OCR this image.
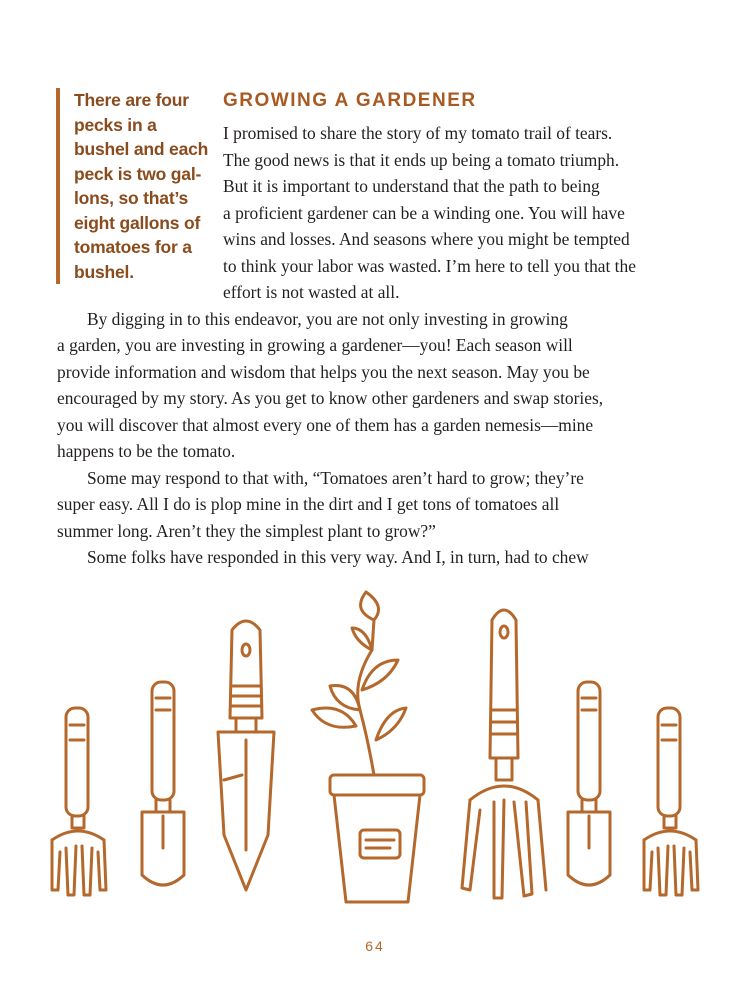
There are four
pecks in a
bushel and each
peck is two gal-
lons, so that’s
eight gallons of
tomatoes for a
bushel.
GROWING A GARDENER
I promised to share the story of my tomato trail of tears.
The good news is that it ends up being a tomato triumph.
But it is important to understand that the path to being
a proficient gardener can be a winding one. You will have
wins and losses. And seasons where you might be tempted
to think your labor was wasted. I’m here to tell you that the
effort is not wasted at all.
By digging in to this endeavor, you are not only investing in growing
a garden, you are investing in growing a gardener—you! Each season will
provide information and wisdom that helps you the next season. May you be
encouraged by my story. As you get to know other gardeners and swap stories,
you will discover that almost every one of them has a garden nemesis—mine
happens to be the tomato.
Some may respond to that with, “Tomatoes aren’t hard to grow; they’re
super easy. All I do is plop mine in the dirt and I get tons of tomatoes all
summer long. Aren’t they the simplest plant to grow?”
Some folks have responded in this very way. And I, in turn, had to chew
64
